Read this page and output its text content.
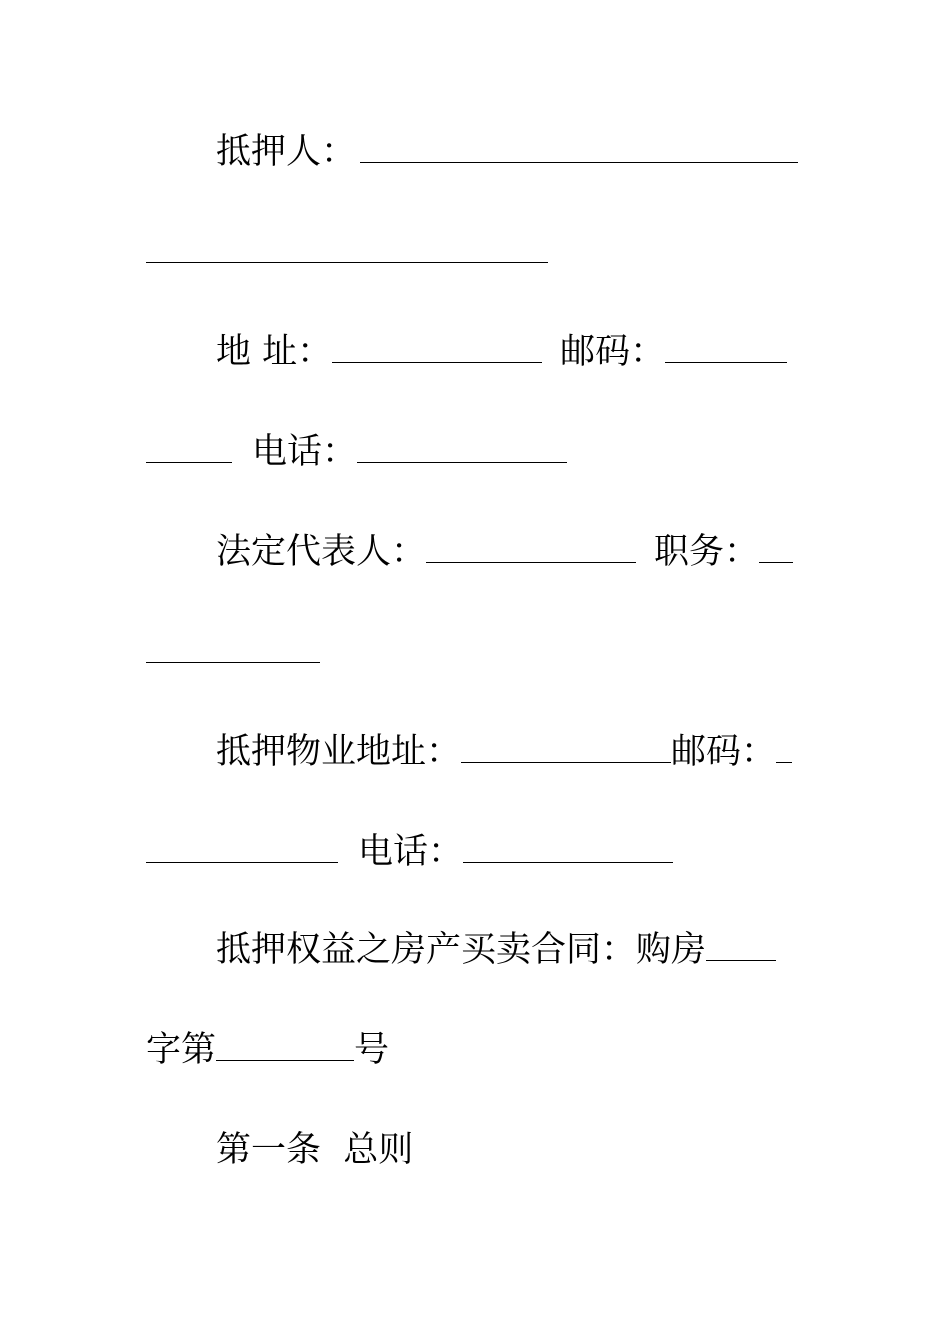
抵押人：
地 址：	邮码：
电话：
法定代表人：	职务：
抵押物业地址：	邮码：
电话：
抵押权益之房产买卖合同：购房
字第	号
第一条  总则
